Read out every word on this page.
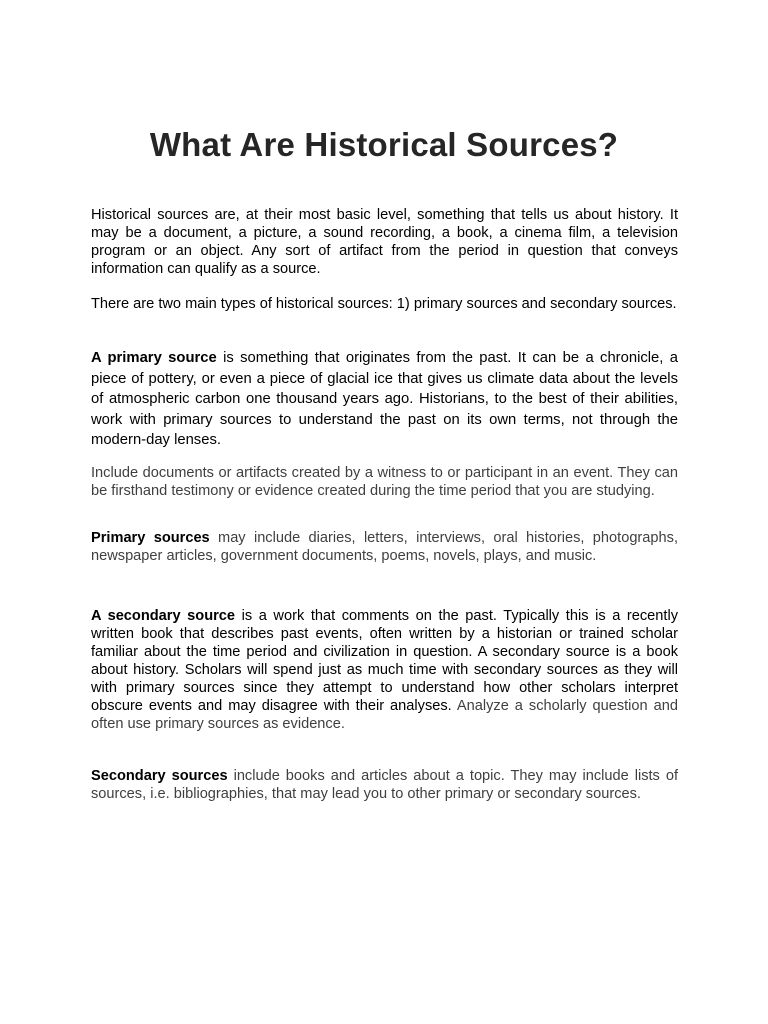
What Are Historical Sources?

Historical sources are, at their most basic level, something that tells us about history. It may be a document, a picture, a sound recording, a book, a cinema film, a television program or an object. Any sort of artifact from the period in question that conveys information can qualify as a source.

There are two main types of historical sources: 1) primary sources and secondary sources.

A primary source is something that originates from the past. It can be a chronicle, a piece of pottery, or even a piece of glacial ice that gives us climate data about the levels of atmospheric carbon one thousand years ago. Historians, to the best of their abilities, work with primary sources to understand the past on its own terms, not through the modern-day lenses.

Include documents or artifacts created by a witness to or participant in an event. They can be firsthand testimony or evidence created during the time period that you are studying.

Primary sources may include diaries, letters, interviews, oral histories, photographs, newspaper articles, government documents, poems, novels, plays, and music.

A secondary source is a work that comments on the past. Typically this is a recently written book that describes past events, often written by a historian or trained scholar familiar about the time period and civilization in question. A secondary source is a book about history. Scholars will spend just as much time with secondary sources as they will with primary sources since they attempt to understand how other scholars interpret obscure events and may disagree with their analyses. Analyze a scholarly question and often use primary sources as evidence.

Secondary sources include books and articles about a topic. They may include lists of sources, i.e. bibliographies, that may lead you to other primary or secondary sources.
